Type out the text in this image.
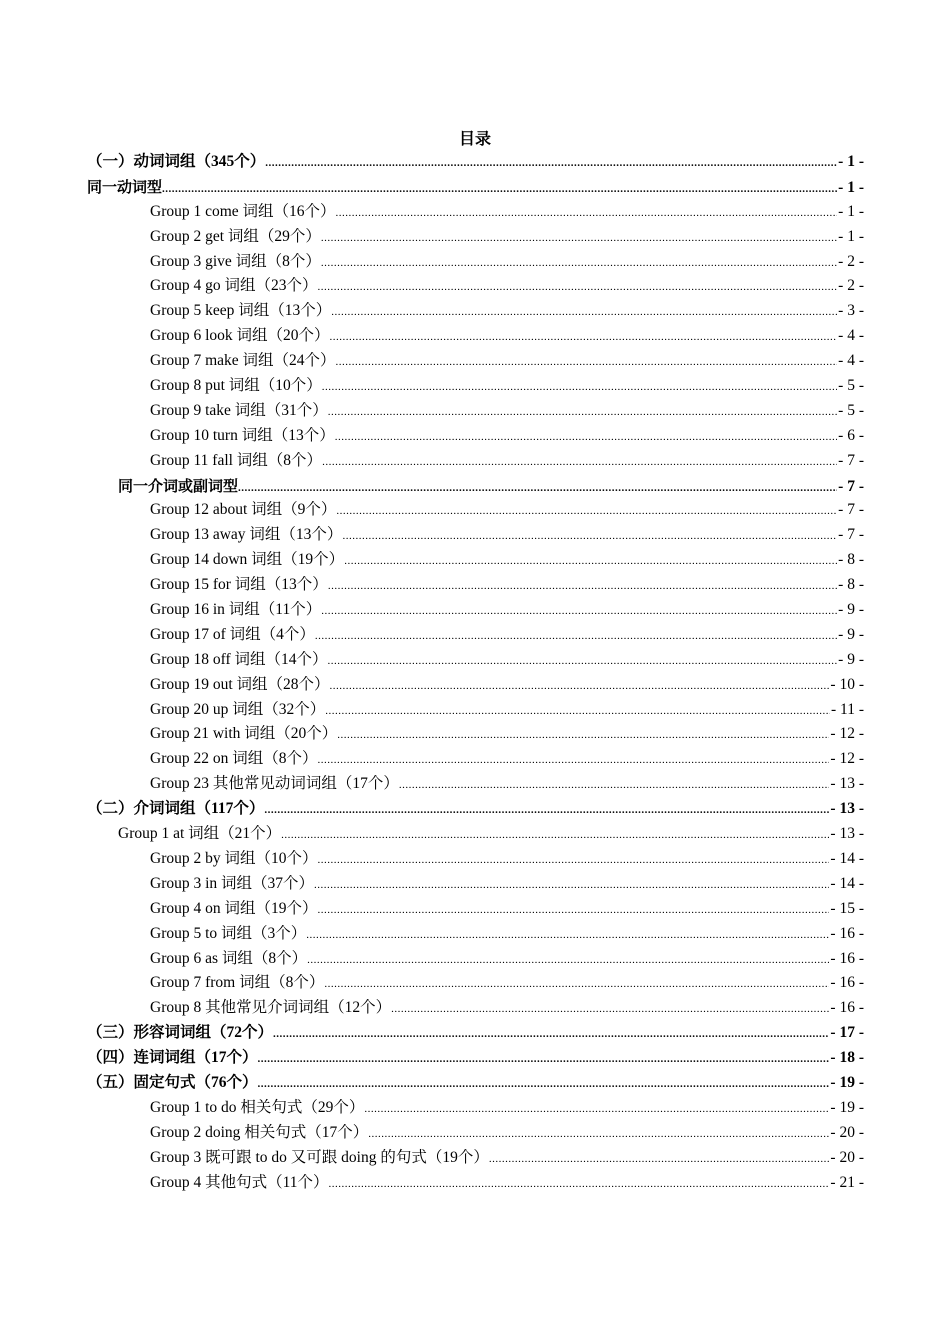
目录
（一）动词词组（345个） .....	- 1 -
同一动词型 .....	- 1 -
Group 1 come 词组（16个） .....	- 1 -
Group 2 get 词组（29个） .....	- 1 -
Group 3 give 词组（8个） .....	- 2 -
Group 4 go 词组（23个） .....	- 2 -
Group 5 keep 词组（13个） .....	- 3 -
Group 6 look 词组（20个） .....	- 4 -
Group 7 make 词组（24个） .....	- 4 -
Group 8 put 词组（10个） .....	- 5 -
Group 9 take 词组（31个） .....	- 5 -
Group 10 turn 词组（13个） .....	- 6 -
Group 11 fall 词组（8个） .....	- 7 -
同一介词或副词型 .....	- 7 -
Group 12 about 词组（9个） .....	- 7 -
Group 13 away 词组（13个） .....	- 7 -
Group 14 down 词组（19个） .....	- 8 -
Group 15 for 词组（13个） .....	- 8 -
Group 16 in 词组（11个） .....	- 9 -
Group 17 of 词组（4个） .....	- 9 -
Group 18 off 词组（14个） .....	- 9 -
Group 19 out 词组（28个） .....	- 10 -
Group 20 up 词组（32个） .....	- 11 -
Group 21 with 词组（20个） .....	- 12 -
Group 22 on 词组（8个） .....	- 12 -
Group 23 其他常见动词词组（17个） .....	- 13 -
（二）介词词组（117个） .....	- 13 -
Group 1 at 词组（21个） .....	- 13 -
Group 2 by 词组（10个） .....	- 14 -
Group 3 in 词组（37个） .....	- 14 -
Group 4 on 词组（19个） .....	- 15 -
Group 5 to 词组（3个） .....	- 16 -
Group 6 as 词组（8个） .....	- 16 -
Group 7 from 词组（8个） .....	- 16 -
Group 8 其他常见介词词组（12个） .....	- 16 -
（三）形容词词组（72个） .....	- 17 -
（四）连词词组（17个） .....	- 18 -
（五）固定句式（76个） .....	- 19 -
Group 1 to do 相关句式（29个） .....	- 19 -
Group 2 doing 相关句式（17个） .....	- 20 -
Group 3 既可跟 to do 又可跟 doing 的句式（19个） .....	- 20 -
Group 4 其他句式（11个） .....	- 21 -
